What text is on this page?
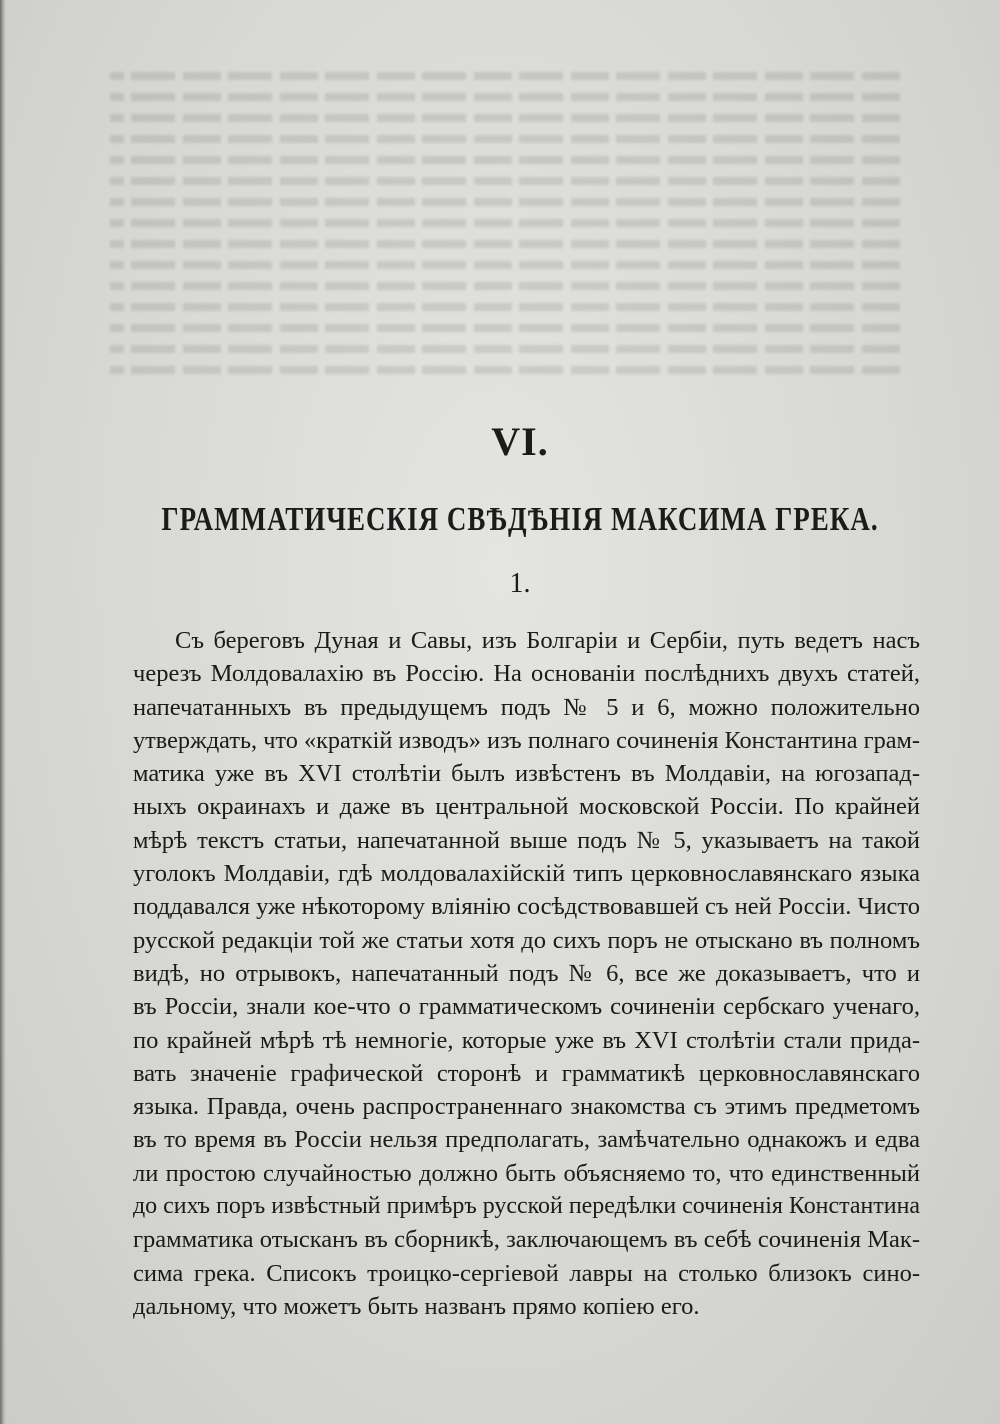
VI.
ГРАММАТИЧЕСКІЯ СВѢДѢНІЯ МАКСИМА ГРЕКА.
1.
Съ береговъ Дуная и Савы, изъ Болгаріи и Сербіи, путь ведетъ насъ
черезъ Молдовалахію въ Россію. На основаніи послѣднихъ двухъ статей,
напечатанныхъ въ предыдущемъ подъ № 5 и 6, можно положительно
утверждать, что «краткій изводъ» изъ полнаго сочиненія Константина грам-
матика уже въ XVI столѣтіи былъ извѣстенъ въ Молдавіи, на югозапад-
ныхъ окраинахъ и даже въ центральной московской Россіи. По крайней
мѣрѣ текстъ статьи, напечатанной выше подъ № 5, указываетъ на такой
уголокъ Молдавіи, гдѣ молдовалахійскій типъ церковнославянскаго языка
поддавался уже нѣкоторому вліянію сосѣдствовавшей съ ней Россіи. Чисто
русской редакціи той же статьи хотя до сихъ поръ не отыскано въ полномъ
видѣ, но отрывокъ, напечатанный подъ № 6, все же доказываетъ, что и
въ Россіи, знали кое-что о грамматическомъ сочиненіи сербскаго ученаго,
по крайней мѣрѣ тѣ немногіе, которые уже въ XVI столѣтіи стали прида-
вать значеніе графической сторонѣ и грамматикѣ церковнославянскаго
языка. Правда, очень распространеннаго знакомства съ этимъ предметомъ
въ то время въ Россіи нельзя предполагать, замѣчательно однакожъ и едва
ли простою случайностью должно быть объясняемо то, что единственный
до сихъ поръ извѣстный примѣръ русской передѣлки сочиненія Константина
грамматика отысканъ въ сборникѣ, заключающемъ въ себѣ сочиненія Мак-
сима грека. Списокъ троицко-сергіевой лавры на столько близокъ сино-
дальному, что можетъ быть названъ прямо копіею его.
